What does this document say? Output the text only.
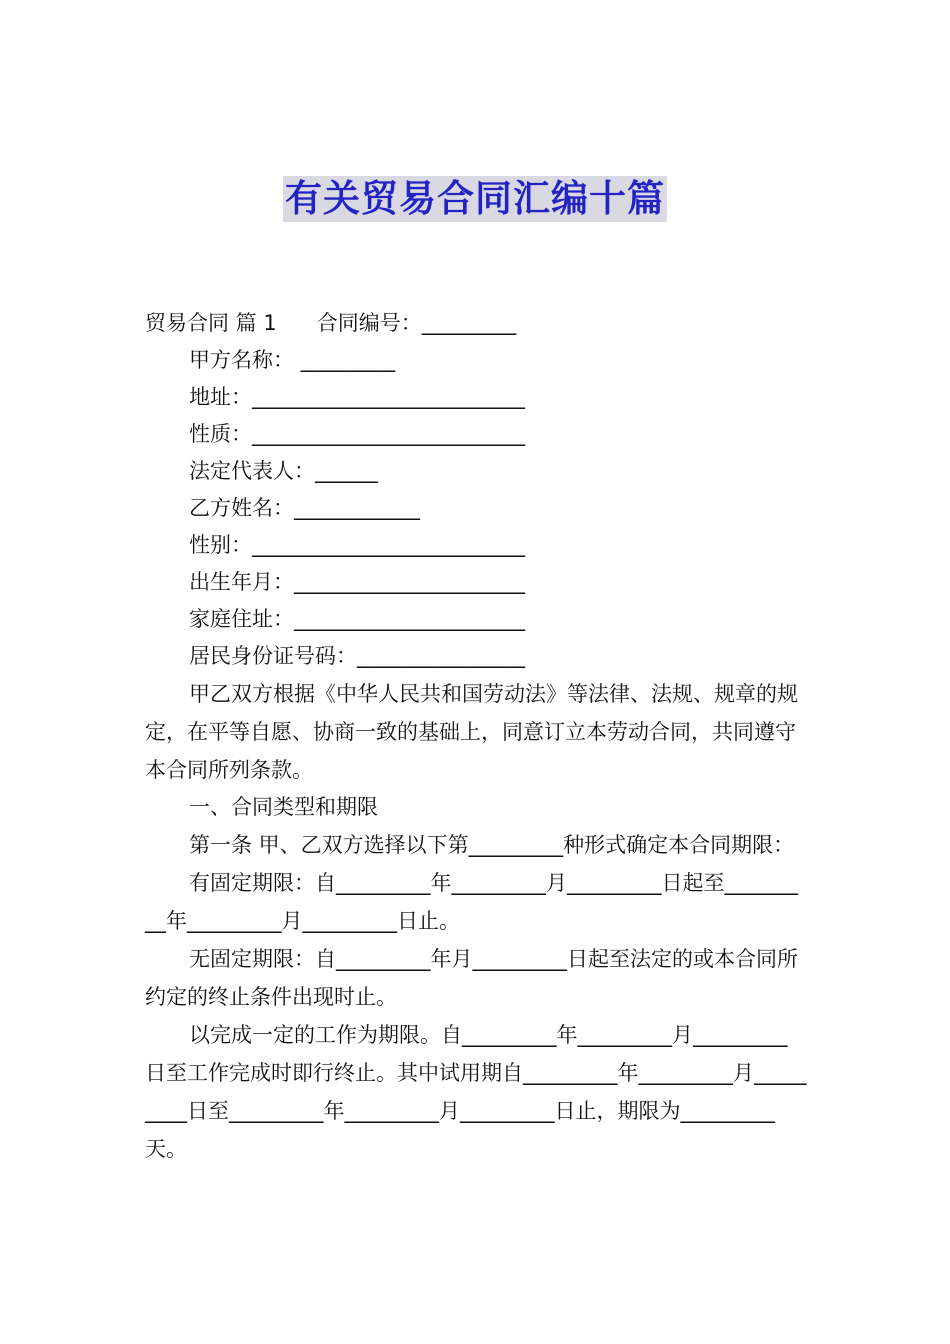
有关贸易合同汇编十篇

贸易合同 篇 1      合同编号：_________

甲方名称： _________

地址：__________________________

性质：__________________________

法定代表人：______

乙方姓名：____________

性别：__________________________

出生年月：______________________

家庭住址：______________________

居民身份证号码：________________

甲乙双方根据《中华人民共和国劳动法》等法律、法规、规章的规定，在平等自愿、协商一致的基础上，同意订立本劳动合同，共同遵守本合同所列条款。

一、合同类型和期限

第一条 甲、乙双方选择以下第_________种形式确定本合同期限：

有固定期限：自_________年_________月_________日起至_________年_________月_________日止。

无固定期限：自_________年月_________日起至法定的或本合同所约定的终止条件出现时止。

以完成一定的工作为期限。自_________年_________月_________日至工作完成时即行终止。其中试用期自_________年_________月_________日至_________年_________月_________日止，期限为_________天。
